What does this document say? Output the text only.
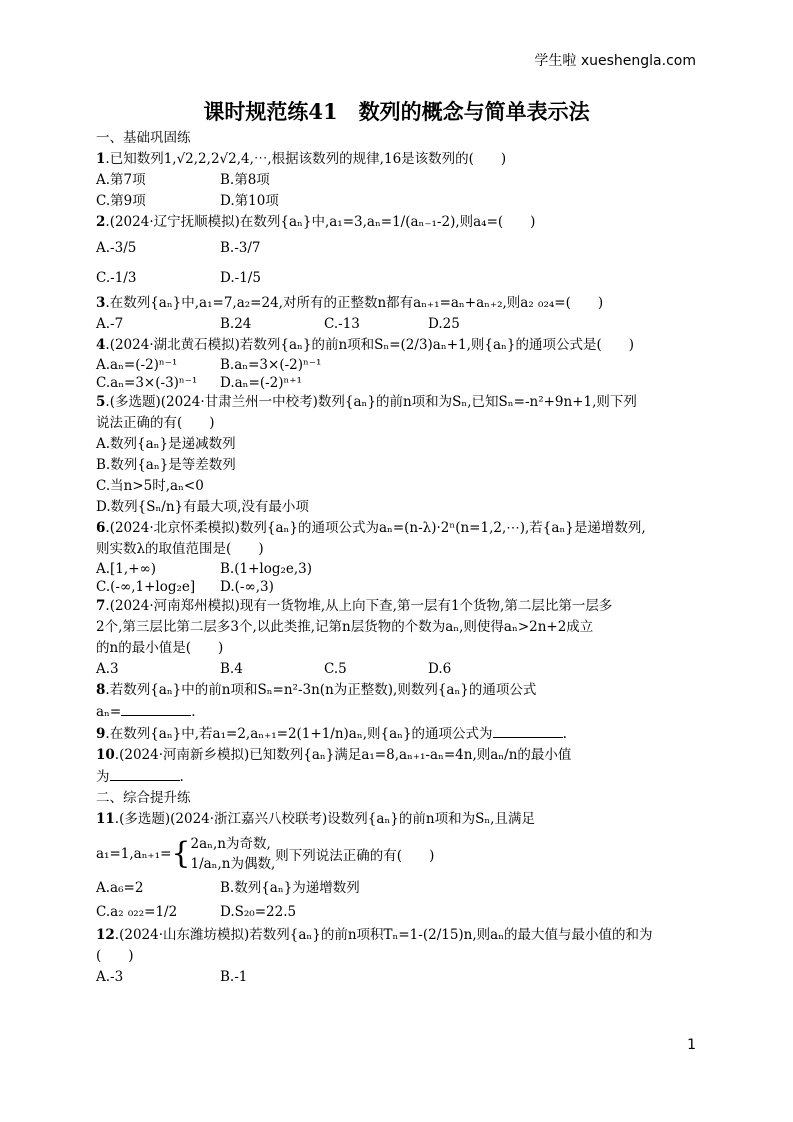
学生啦 xueshengla.com
课时规范练41　数列的概念与简单表示法
一、基础巩固练
1.已知数列1,√2,2,2√2,4,⋯,根据该数列的规律,16是该数列的(　　)
A.第7项	B.第8项
C.第9项	D.第10项
2.(2024·辽宁抚顺模拟)在数列{aₙ}中,a₁=3,aₙ=1/(aₙ₋₁-2),则a₄=(　　)
A.-3/5	B.-3/7
C.-1/3	D.-1/5
3.在数列{aₙ}中,a₁=7,a₂=24,对所有的正整数n都有aₙ₊₁=aₙ+aₙ₊₂,则a₂ ₀₂₄=(　　)
A.-7	B.24	C.-13	D.25
4.(2024·湖北黄石模拟)若数列{aₙ}的前n项和Sₙ=(2/3)aₙ+1,则{aₙ}的通项公式是(　　)
A.aₙ=(-2)ⁿ⁻¹	B.aₙ=3×(-2)ⁿ⁻¹
C.aₙ=3×(-3)ⁿ⁻¹	D.aₙ=(-2)ⁿ⁺¹
5.(多选题)(2024·甘肃兰州一中校考)数列{aₙ}的前n项和为Sₙ,已知Sₙ=-n²+9n+1,则下列
说法正确的有(　　)
A.数列{aₙ}是递减数列
B.数列{aₙ}是等差数列
C.当n>5时,aₙ<0
D.数列{Sₙ/n}有最大项,没有最小项
6.(2024·北京怀柔模拟)数列{aₙ}的通项公式为aₙ=(n-λ)·2ⁿ(n=1,2,⋯),若{aₙ}是递增数列,
则实数λ的取值范围是(　　)
A.[1,+∞)	B.(1+log₂e,3)
C.(-∞,1+log₂e]	D.(-∞,3)
7.(2024·河南郑州模拟)现有一货物堆,从上向下查,第一层有1个货物,第二层比第一层多
2个,第三层比第二层多3个,以此类推,记第n层货物的个数为aₙ,则使得aₙ>2n+2成立
的n的最小值是(　　)
A.3	B.4	C.5	D.6
8.若数列{aₙ}中的前n项和Sₙ=n²-3n(n为正整数),则数列{aₙ}的通项公式
aₙ=	.
9.在数列{aₙ}中,若a₁=2,aₙ₊₁=2(1+1/n)aₙ,则{aₙ}的通项公式为	.
10.(2024·河南新乡模拟)已知数列{aₙ}满足a₁=8,aₙ₊₁-aₙ=4n,则aₙ/n的最小值
为	.
二、综合提升练
11.(多选题)(2024·浙江嘉兴八校联考)设数列{aₙ}的前n项和为Sₙ,且满足
a₁=1,aₙ₊₁= { 2aₙ,n为奇数,
1/aₙ,n为偶数, 则下列说法正确的有(　　)
A.a₆=2	B.数列{aₙ}为递增数列
C.a₂ ₀₂₂=1/2	D.S₂₀=22.5
12.(2024·山东潍坊模拟)若数列{aₙ}的前n项积Tₙ=1-(2/15)n,则aₙ的最大值与最小值的和为
(　　)
A.-3	B.-1
1
